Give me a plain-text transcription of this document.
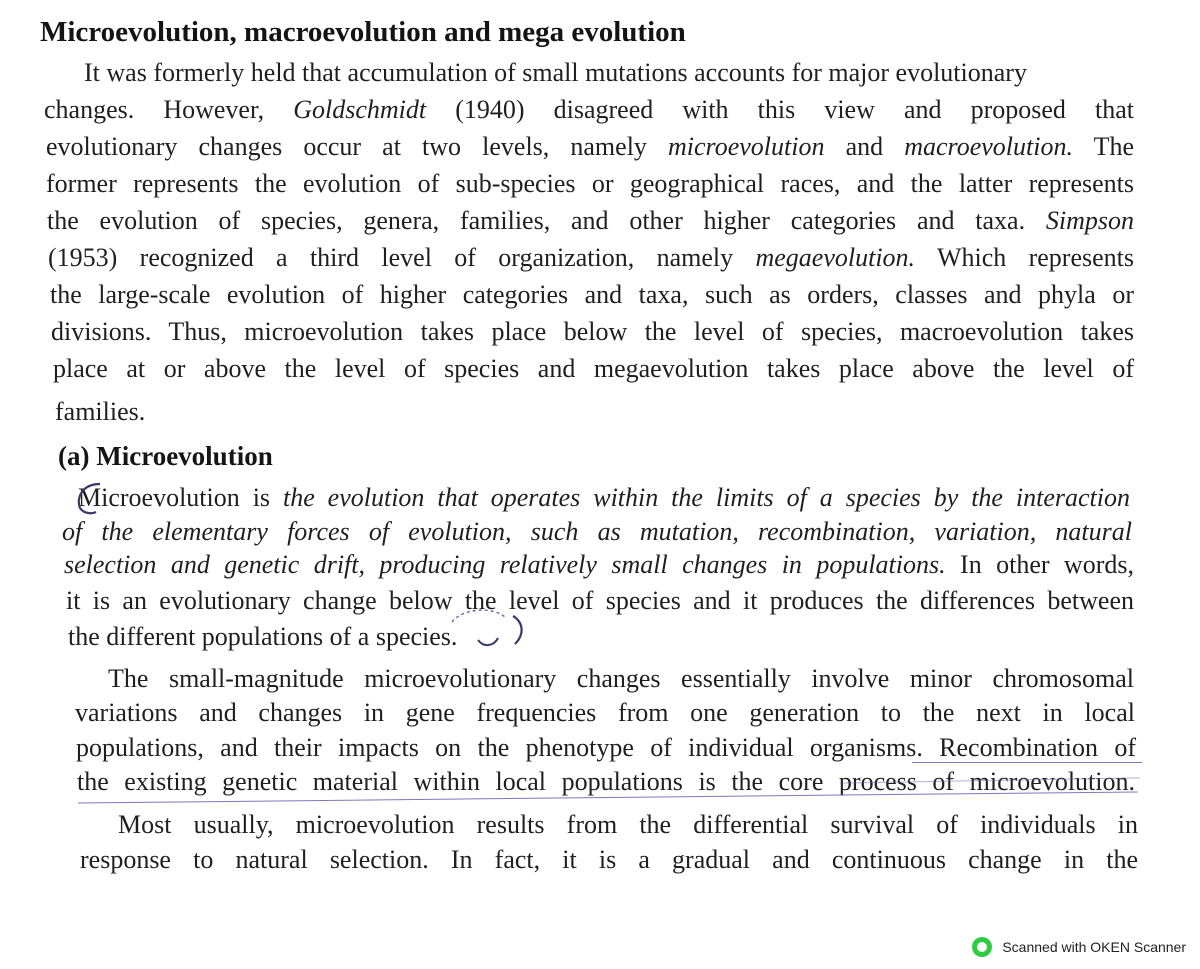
Microevolution, macroevolution and mega evolution
It was formerly held that accumulation of small mutations accounts for major evolutionary
changes. However, Goldschmidt (1940) disagreed with this view and proposed that
evolutionary changes occur at two levels, namely microevolution and macroevolution. The
former represents the evolution of sub-species or geographical races, and the latter represents
the evolution of species, genera, families, and other higher categories and taxa. Simpson
(1953) recognized a third level of organization, namely megaevolution. Which represents
the large-scale evolution of higher categories and taxa, such as orders, classes and phyla or
divisions. Thus, microevolution takes place below the level of species, macroevolution takes
place at or above the level of species and megaevolution takes place above the level of
families.
(a) Microevolution
Microevolution is the evolution that operates within the limits of a species by the interaction
of the elementary forces of evolution, such as mutation, recombination, variation, natural
selection and genetic drift, producing relatively small changes in populations. In other words,
it is an evolutionary change below the level of species and it produces the differences between
the different populations of a species.
The small-magnitude microevolutionary changes essentially involve minor chromosomal
variations and changes in gene frequencies from one generation to the next in local
populations, and their impacts on the phenotype of individual organisms. Recombination of
the existing genetic material within local populations is the core process of microevolution.
Most usually, microevolution results from the differential survival of individuals in
response to natural selection. In fact, it is a gradual and continuous change in the
Scanned with OKEN Scanner
